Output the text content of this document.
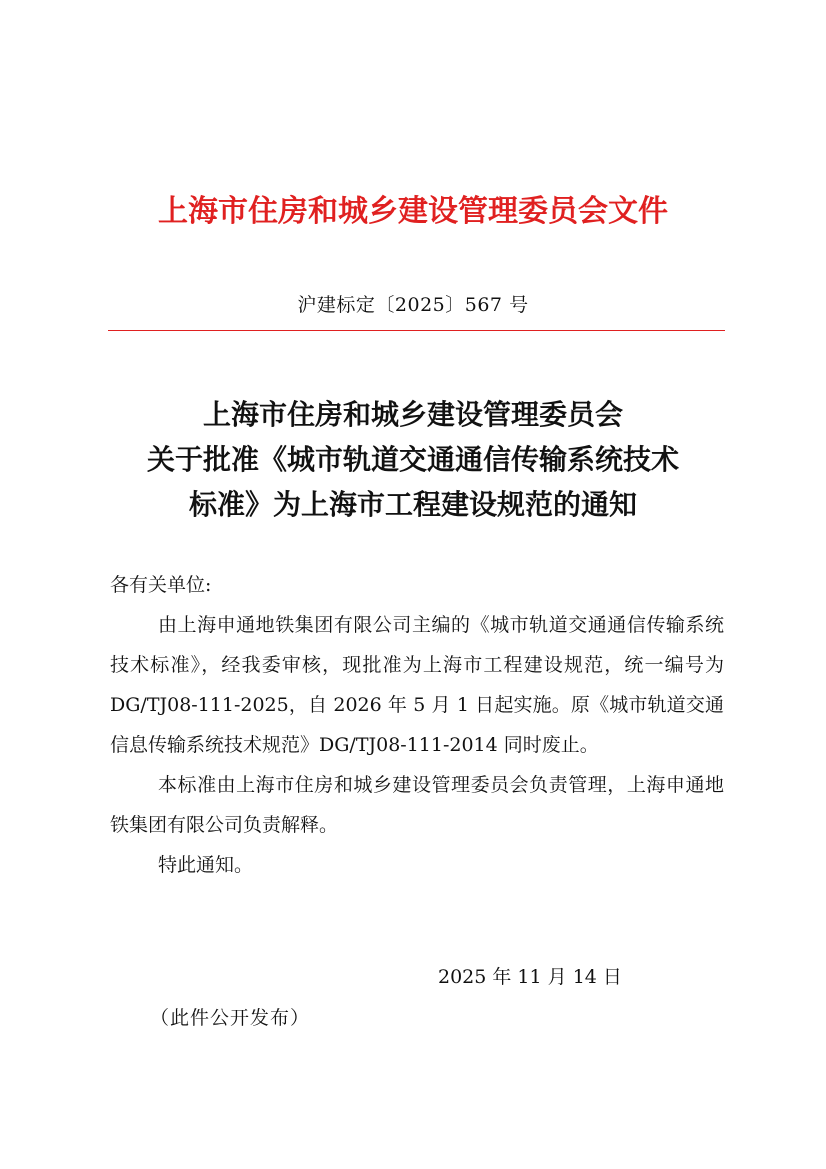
上海市住房和城乡建设管理委员会文件
沪建标定〔2025〕567 号
上海市住房和城乡建设管理委员会
关于批准《城市轨道交通通信传输系统技术
标准》为上海市工程建设规范的通知
各有关单位:
由上海申通地铁集团有限公司主编的《城市轨道交通通信传输系统技术标准》，经我委审核，现批准为上海市工程建设规范，统一编号为 DG/TJ08-111-2025，自 2026 年 5 月 1 日起实施。原《城市轨道交通信息传输系统技术规范》DG/TJ08-111-2014 同时废止。
本标准由上海市住房和城乡建设管理委员会负责管理，上海申通地铁集团有限公司负责解释。
特此通知。
2025 年 11 月 14 日
（此件公开发布）
